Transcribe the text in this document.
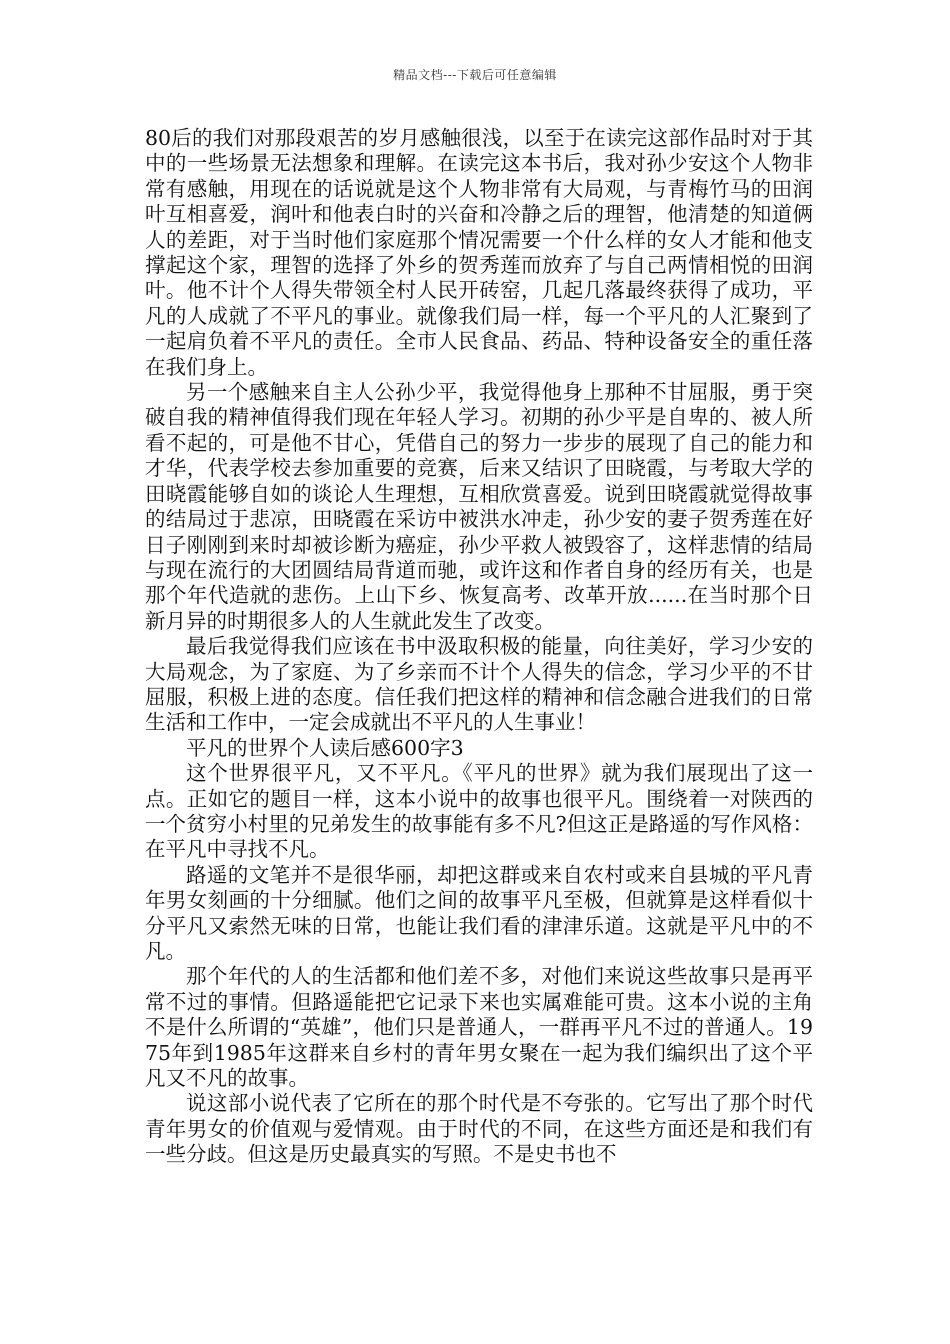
精品文档---下载后可任意编辑

80后的我们对那段艰苦的岁月感触很浅，以至于在读完这部作品时对于其中的一些场景无法想象和理解。在读完这本书后，我对孙少安这个人物非常有感触，用现在的话说就是这个人物非常有大局观，与青梅竹马的田润叶互相喜爱，润叶和他表白时的兴奋和冷静之后的理智，他清楚的知道俩人的差距，对于当时他们家庭那个情况需要一个什么样的女人才能和他支撑起这个家，理智的选择了外乡的贺秀莲而放弃了与自己两情相悦的田润叶。他不计个人得失带领全村人民开砖窑，几起几落最终获得了成功，平凡的人成就了不平凡的事业。就像我们局一样，每一个平凡的人汇聚到了一起肩负着不平凡的责任。全市人民食品、药品、特种设备安全的重任落在我们身上。

另一个感触来自主人公孙少平，我觉得他身上那种不甘屈服，勇于突破自我的精神值得我们现在年轻人学习。初期的孙少平是自卑的、被人所看不起的，可是他不甘心，凭借自己的努力一步步的展现了自己的能力和才华，代表学校去参加重要的竞赛，后来又结识了田晓霞，与考取大学的田晓霞能够自如的谈论人生理想，互相欣赏喜爱。说到田晓霞就觉得故事的结局过于悲凉，田晓霞在采访中被洪水冲走，孙少安的妻子贺秀莲在好日子刚刚到来时却被诊断为癌症，孙少平救人被毁容了，这样悲情的结局与现在流行的大团圆结局背道而驰，或许这和作者自身的经历有关，也是那个年代造就的悲伤。上山下乡、恢复高考、改革开放......在当时那个日新月异的时期很多人的人生就此发生了改变。

最后我觉得我们应该在书中汲取积极的能量，向往美好，学习少安的大局观念，为了家庭、为了乡亲而不计个人得失的信念，学习少平的不甘屈服，积极上进的态度。信任我们把这样的精神和信念融合进我们的日常生活和工作中，一定会成就出不平凡的人生事业！

平凡的世界个人读后感600字3

这个世界很平凡，又不平凡。《平凡的世界》就为我们展现出了这一点。正如它的题目一样，这本小说中的故事也很平凡。围绕着一对陕西的一个贫穷小村里的兄弟发生的故事能有多不凡?但这正是路遥的写作风格：在平凡中寻找不凡。

路遥的文笔并不是很华丽，却把这群或来自农村或来自县城的平凡青年男女刻画的十分细腻。他们之间的故事平凡至极，但就算是这样看似十分平凡又索然无味的日常，也能让我们看的津津乐道。这就是平凡中的不凡。

那个年代的人的生活都和他们差不多，对他们来说这些故事只是再平常不过的事情。但路遥能把它记录下来也实属难能可贵。这本小说的主角不是什么所谓的“英雄”，他们只是普通人，一群再平凡不过的普通人。1975年到1985年这群来自乡村的青年男女聚在一起为我们编织出了这个平凡又不凡的故事。

说这部小说代表了它所在的那个时代是不夸张的。它写出了那个时代青年男女的价值观与爱情观。由于时代的不同，在这些方面还是和我们有一些分歧。但这是历史最真实的写照。不是史书也不
